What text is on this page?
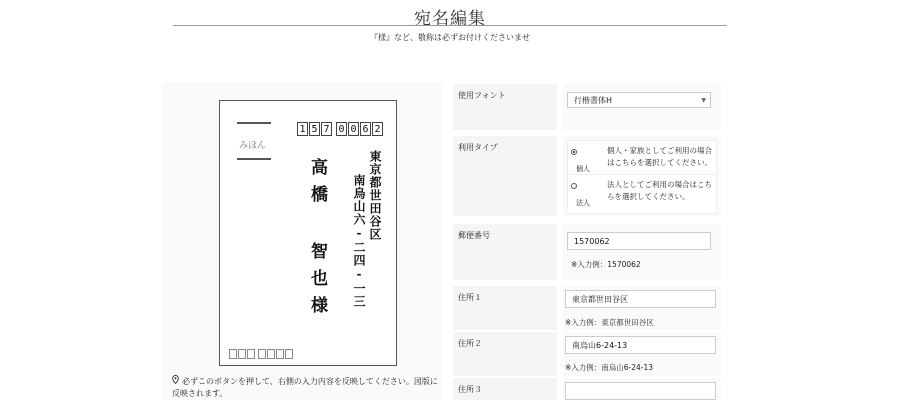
宛名編集
『様』など、敬称は必ずお付けくださいませ
みほん
1 5 7 0 0 6 2
東京都世田谷区
南烏山六‐二四‐一三
高橋 智也様
必ずこのボタンを押して、右側の入力内容を反映してください。図版に反映されます。
使用フォント
行楷書体H	▼
利用タイプ
個人
個人・家族としてご利用の場合はこちらを選択してください。
法人
法人としてご利用の場合はこちらを選択してください。
郵便番号
1570062
※入力例：1570062
住所１	東京都世田谷区
※入力例：東京都世田谷区
住所２	南烏山6-24-13
※入力例：南烏山6-24-13
住所３
